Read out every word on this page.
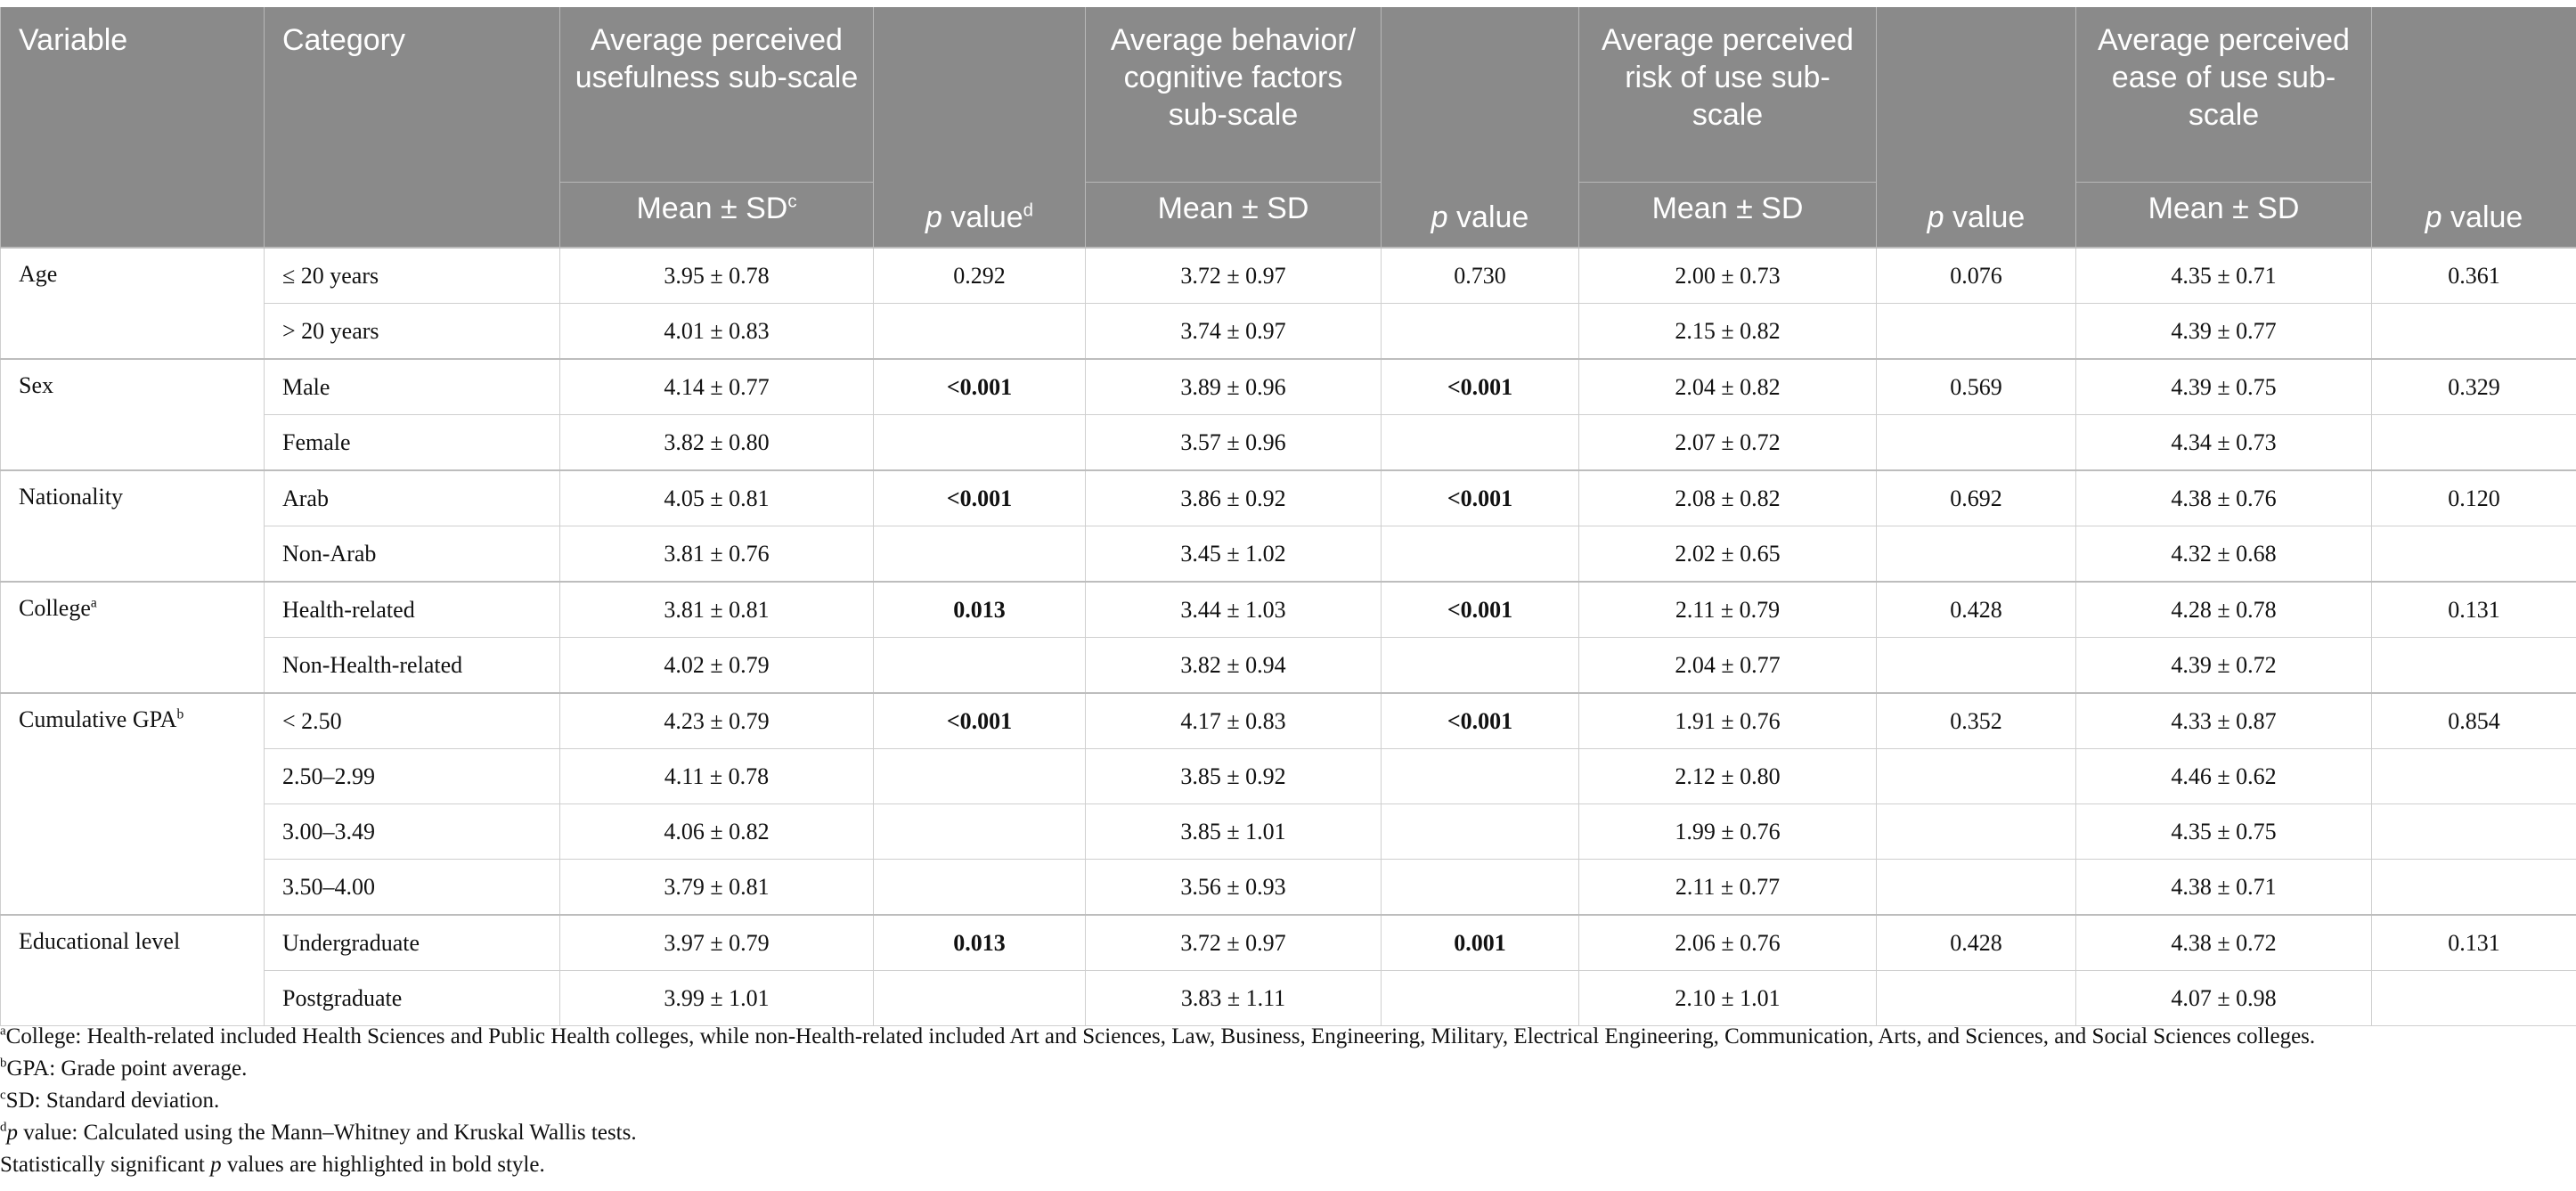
Variable	Category	Average perceived usefulness sub-scale	p value$^d$	Average behavior/ cognitive factors sub-scale	p value	Average perceived risk of use sub-scale	p value	Average perceived ease of use sub-scale	p value
		Mean ± $SD^c$		Mean ± SD		Mean ± SD		Mean ± SD	
Age	≤ 20 years	3.95 ± 0.78	0.292	3.72 ± 0.97	0.730	2.00 ± 0.73	0.076	4.35 ± 0.71	0.361
	> 20 years	4.01 ± 0.83		3.74 ± 0.97		2.15 ± 0.82		4.39 ± 0.77	
Sex	Male	4.14 ± 0.77	<0.001	3.89 ± 0.96	<0.001	2.04 ± 0.82	0.569	4.39 ± 0.75	0.329
	Female	3.82 ± 0.80		3.57 ± 0.96		2.07 ± 0.72		4.34 ± 0.73	
Nationality	Arab	4.05 ± 0.81	<0.001	3.86 ± 0.92	<0.001	2.08 ± 0.82	0.692	4.38 ± 0.76	0.120
	Non-Arab	3.81 ± 0.76		3.45 ± 1.02		2.02 ± 0.65		4.32 ± 0.68	
College$^a$	Health-related	3.81 ± 0.81	0.013	3.44 ± 1.03	<0.001	2.11 ± 0.79	0.428	4.28 ± 0.78	0.131
	Non-Health-related	4.02 ± 0.79		3.82 ± 0.94		2.04 ± 0.77		4.39 ± 0.72	
Cumulative $GPA^b$	< 2.50	4.23 ± 0.79	<0.001	4.17 ± 0.83	<0.001	1.91 ± 0.76	0.352	4.33 ± 0.87	0.854
	2.50–2.99	4.11 ± 0.78		3.85 ± 0.92		2.12 ± 0.80		4.46 ± 0.62	
	3.00–3.49	4.06 ± 0.82		3.85 ± 1.01		1.99 ± 0.76		4.35 ± 0.75	
	3.50–4.00	3.79 ± 0.81		3.56 ± 0.93		2.11 ± 0.77		4.38 ± 0.71	
Educational level	Undergraduate	3.97 ± 0.79	0.013	3.72 ± 0.97	0.001	2.06 ± 0.76	0.428	4.38 ± 0.72	0.131
	Postgraduate	3.99 ± 1.01		3.83 ± 1.11		2.10 ± 1.01		4.07 ± 0.98	

$^a$College: Health-related included Health Sciences and Public Health colleges, while non-Health-related included Art and Sciences, Law, Business, Engineering, Military, Electrical Engineering, Communication, Arts, and Sciences, and Social Sciences colleges.

$^b$GPA: Grade point average.

$^c$SD: Standard deviation.

$^d$p value: Calculated using the Mann–Whitney and Kruskal Wallis tests.

Statistically significant p values are highlighted in bold style.
